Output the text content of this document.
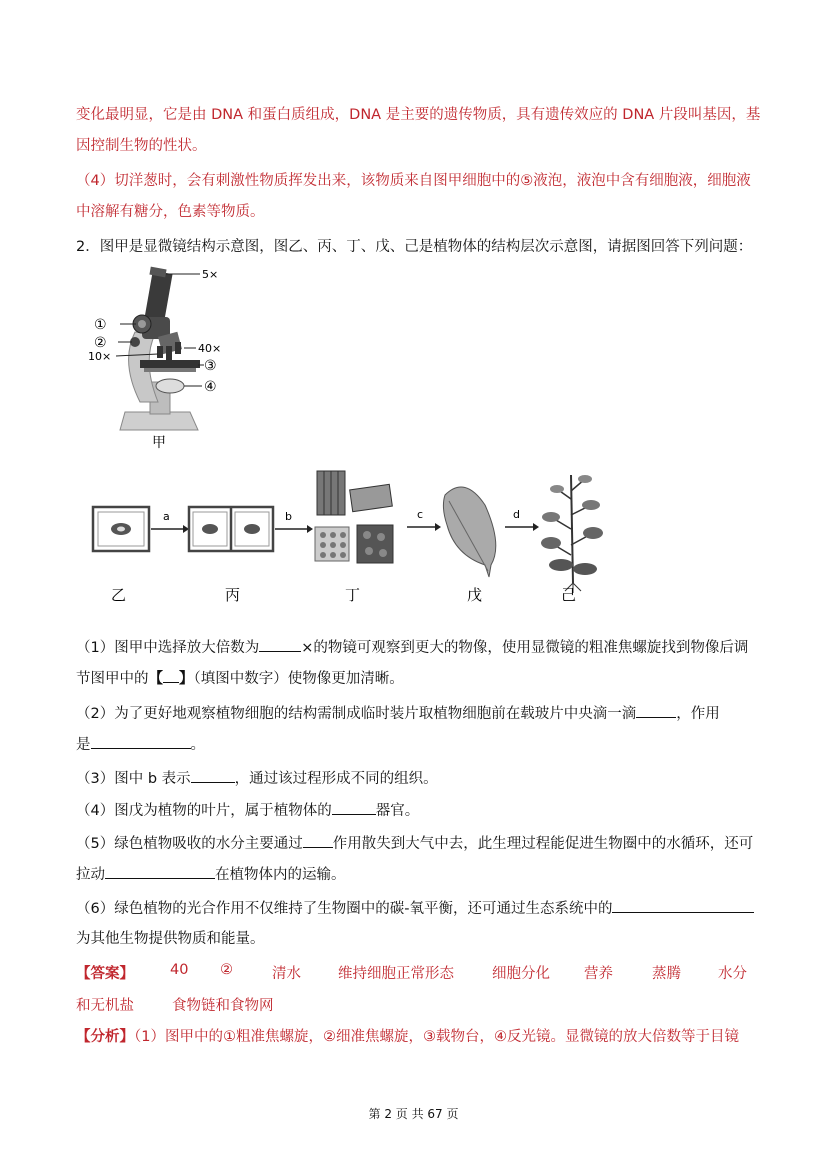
变化最明显，它是由 DNA 和蛋白质组成，DNA 是主要的遗传物质，具有遗传效应的 DNA 片段叫基因，基
因控制生物的性状。
（4）切洋葱时，会有刺激性物质挥发出来，该物质来自图甲细胞中的⑤液泡，液泡中含有细胞液，细胞液
中溶解有糖分，色素等物质。
2．图甲是显微镜结构示意图，图乙、丙、丁、戊、己是植物体的结构层次示意图，请据图回答下列问题：
5×
①
②
10×
40×
③
④
甲
a	b	c	d
乙	丙	丁	戊	己
（1）图甲中选择放大倍数为	×的物镜可观察到更大的物像，使用显微镜的粗准焦螺旋找到物像后调
节图甲中的【 】（填图中数字）使物像更加清晰。
（2）为了更好地观察植物细胞的结构需制成临时装片取植物细胞前在载玻片中央滴一滴	，作用
是	。
（3）图中 b 表示	，通过该过程形成不同的组织。
（4）图戊为植物的叶片，属于植物体的	器官。
（5）绿色植物吸收的水分主要通过 作用散失到大气中去，此生理过程能促进生物圈中的水循环，还可
拉动	在植物体内的运输。
（6）绿色植物的光合作用不仅维持了生物圈中的碳-氧平衡，还可通过生态系统中的
为其他生物提供物质和能量。
【答案】 40 ②	清水	维持细胞正常形态	细胞分化 营养	蒸腾	水分
和无机盐	食物链和食物网
【分析】（1）图甲中的①粗准焦螺旋，②细准焦螺旋，③载物台，④反光镜。显微镜的放大倍数等于目镜
第 2 页 共 67 页
